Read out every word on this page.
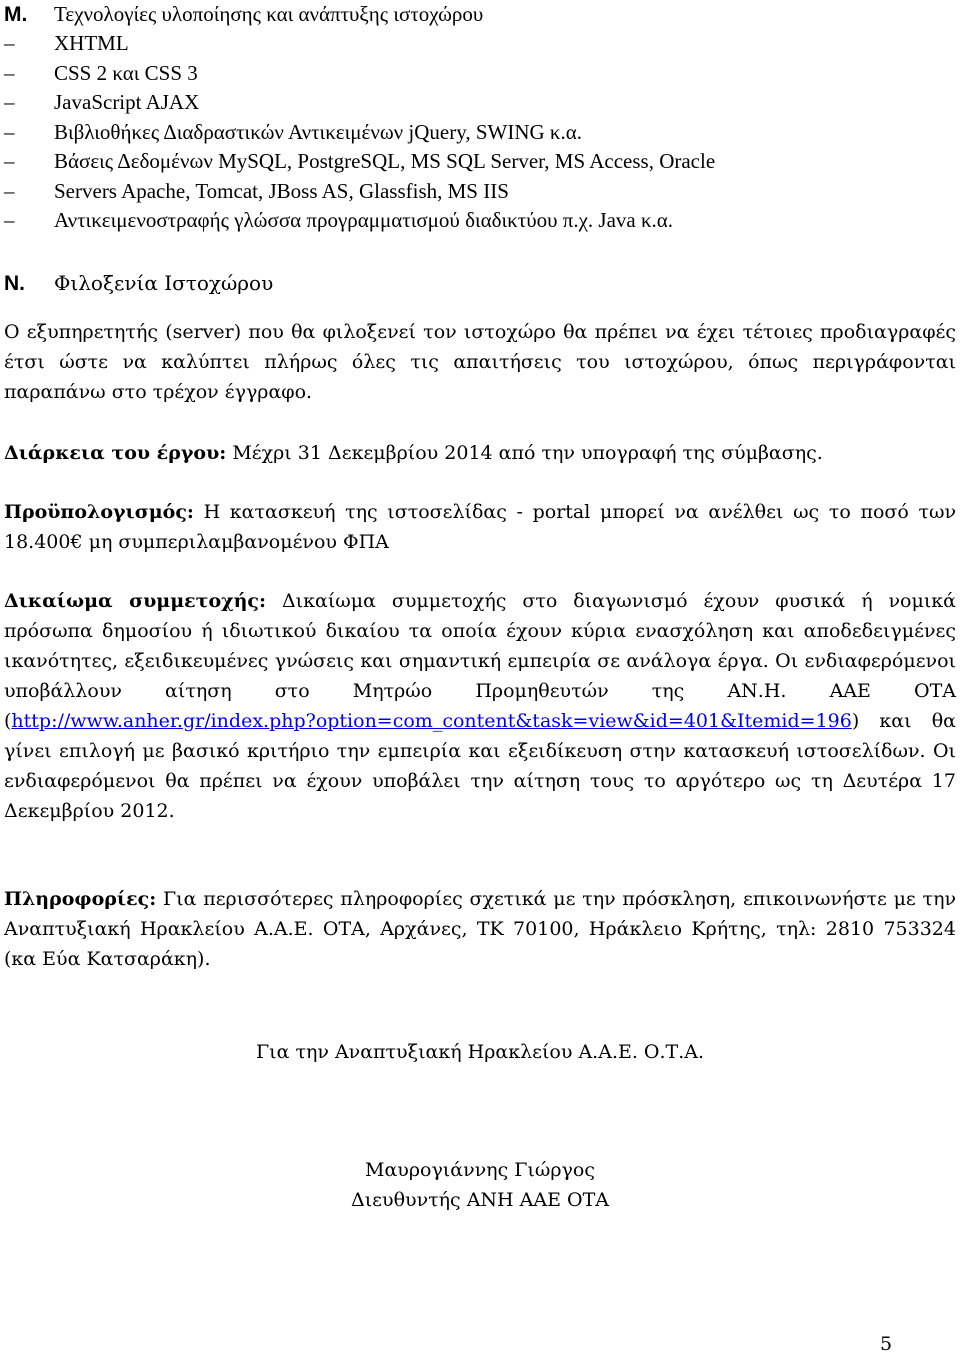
Μ. Τεχνολογίες υλοποίησης και ανάπτυξης ιστοχώρου
–	XHTML
–	CSS 2 και CSS 3
–	JavaScript AJAX
–	Βιβλιοθήκες Διαδραστικών Αντικειμένων jQuery, SWING κ.α.
–	Βάσεις Δεδομένων MySQL, PostgreSQL, MS SQL Server, MS Access, Oracle
–	Servers Apache, Tomcat, JBoss AS, Glassfish, MS IIS
–	Αντικειμενοστραφής γλώσσα προγραμματισμού διαδικτύου π.χ. Java κ.α.
Ν. Φιλοξενία Ιστοχώρου

Ο εξυπηρετητής (server) που θα φιλοξενεί τον ιστοχώρο θα πρέπει να έχει τέτοιες προδιαγραφές έτσι ώστε να καλύπτει πλήρως όλες τις απαιτήσεις του ιστοχώρου, όπως περιγράφονται παραπάνω στο τρέχον έγγραφο.

Διάρκεια του έργου: Μέχρι 31 Δεκεμβρίου 2014 από την υπογραφή της σύμβασης.

Προϋπολογισμός: Η κατασκευή της ιστοσελίδας - portal μπορεί να ανέλθει ως το ποσό των 18.400€ μη συμπεριλαμβανομένου ΦΠΑ

Δικαίωμα συμμετοχής: Δικαίωμα συμμετοχής στο διαγωνισμό έχουν φυσικά ή νομικά πρόσωπα δημοσίου ή ιδιωτικού δικαίου τα οποία έχουν κύρια ενασχόληση και αποδεδειγμένες ικανότητες, εξειδικευμένες γνώσεις και σημαντική εμπειρία σε ανάλογα έργα. Οι ενδιαφερόμενοι υποβάλλουν αίτηση στο Μητρώο Προμηθευτών της ΑΝ.Η. ΑΑΕ ΟΤΑ (http://www.anher.gr/index.php?option=com_content&task=view&id=401&Itemid=196) και θα γίνει επιλογή με βασικό κριτήριο την εμπειρία και εξειδίκευση στην κατασκευή ιστοσελίδων. Οι ενδιαφερόμενοι θα πρέπει να έχουν υποβάλει την αίτηση τους το αργότερο ως τη Δευτέρα 17 Δεκεμβρίου 2012.

Πληροφορίες: Για περισσότερες πληροφορίες σχετικά με την πρόσκληση, επικοινωνήστε με την Αναπτυξιακή Ηρακλείου Α.Α.Ε. ΟΤΑ, Αρχάνες, ΤΚ 70100, Ηράκλειο Κρήτης, τηλ: 2810 753324 (κα Εύα Κατσαράκη).

Για την Αναπτυξιακή Ηρακλείου Α.Α.Ε. Ο.Τ.Α.
Μαυρογιάννης Γιώργος
Διευθυντής ΑΝΗ ΑΑΕ ΟΤΑ
5
